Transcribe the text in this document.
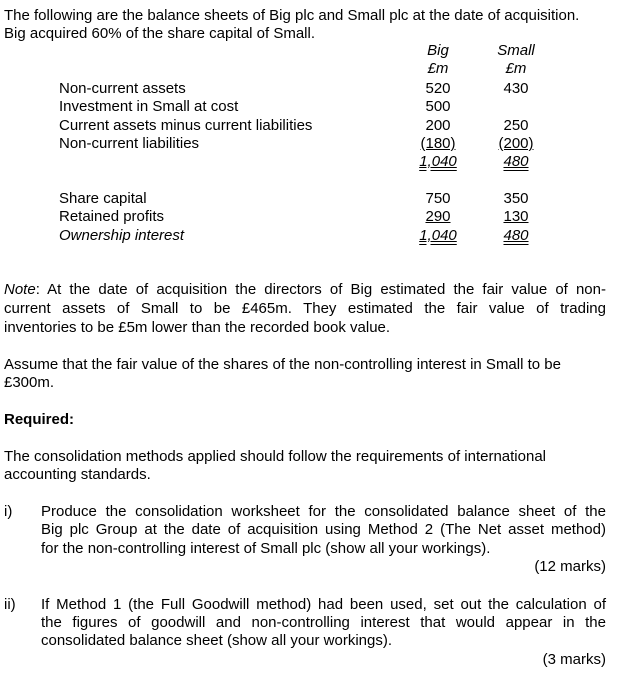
The following are the balance sheets of Big plc and Small plc at the date of acquisition.
Big acquired 60% of the share capital of Small.
Big	Small
£m	£m
Non-current assets	520	430
Investment in Small at cost	500
Current assets minus current liabilities	200	250
Non-current liabilities	(180)	(200)
1,040	480
Share capital	750	350
Retained profits	290	130
Ownership interest	1,040	480
Note: At the date of acquisition the directors of Big estimated the fair value of non-
current assets of Small to be £465m. They estimated the fair value of trading
inventories to be £5m lower than the recorded book value.
Assume that the fair value of the shares of the non-controlling interest in Small to be
£300m.
Required:
The consolidation methods applied should follow the requirements of international
accounting standards.
i) Produce the consolidation worksheet for the consolidated balance sheet of the
Big plc Group at the date of acquisition using Method 2 (The Net asset method)
for the non-controlling interest of Small plc (show all your workings).
(12 marks)
ii) If Method 1 (the Full Goodwill method) had been used, set out the calculation of
the figures of goodwill and non-controlling interest that would appear in the
consolidated balance sheet (show all your workings).
(3 marks)
